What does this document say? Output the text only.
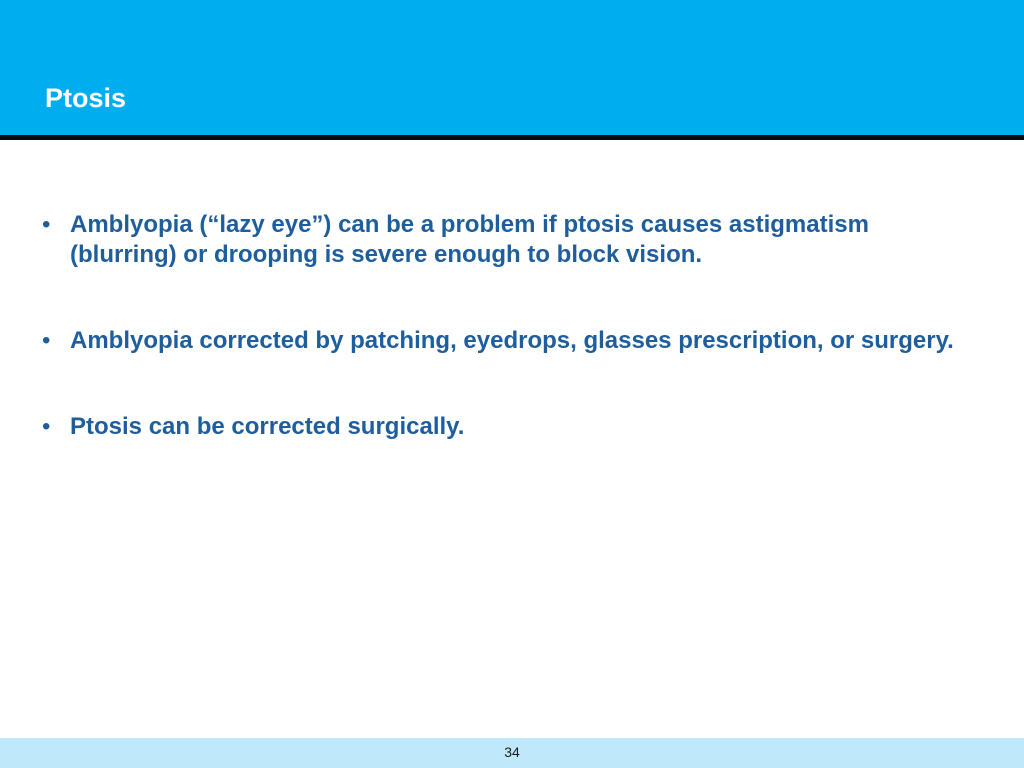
Ptosis
• Amblyopia (“lazy eye”) can be a problem if ptosis causes astigmatism (blurring) or drooping is severe enough to block vision.
• Amblyopia corrected by patching, eyedrops, glasses prescription, or surgery.
• Ptosis can be corrected surgically.
34
